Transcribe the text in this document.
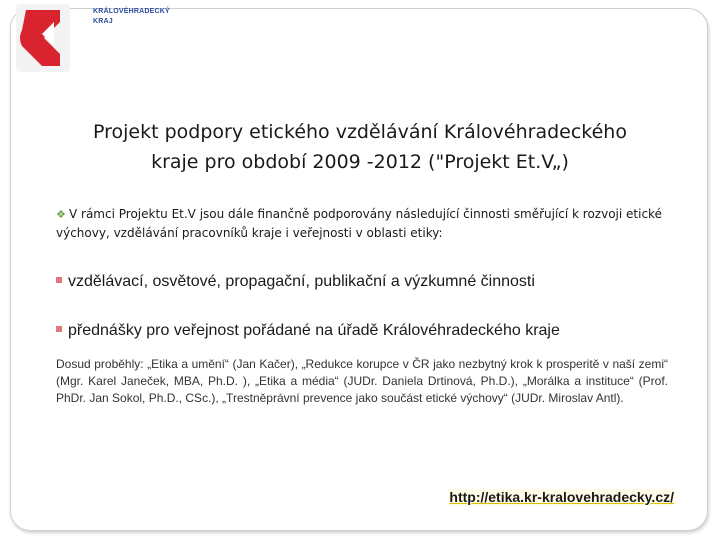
KRÁLOVÉHRADECKÝ
KRAJ
Projekt podpory etického vzdělávání Královéhradeckého
kraje pro období 2009 -2012 ("Projekt Et.V„)
❖ V rámci Projektu Et.V jsou dále finančně podporovány následující činnosti směřující k rozvoji etické výchovy, vzdělávání pracovníků kraje i veřejnosti v oblasti etiky:
vzdělávací, osvětové, propagační, publikační a výzkumné činnosti
přednášky pro veřejnost pořádané na úřadě Královéhradeckého kraje
Dosud proběhly: „Etika a umění“ (Jan Kačer), „Redukce korupce v ČR jako nezbytný krok k prosperitě v naší zemi“ (Mgr. Karel Janeček, MBA, Ph.D. ), „Etika a média“ (JUDr. Daniela Drtinová, Ph.D.), „Morálka a instituce“ (Prof. PhDr. Jan Sokol, Ph.D., CSc.), „Trestněprávní prevence jako součást etické výchovy“ (JUDr. Miroslav Antl).
http://etika.kr-kralovehradecky.cz/
